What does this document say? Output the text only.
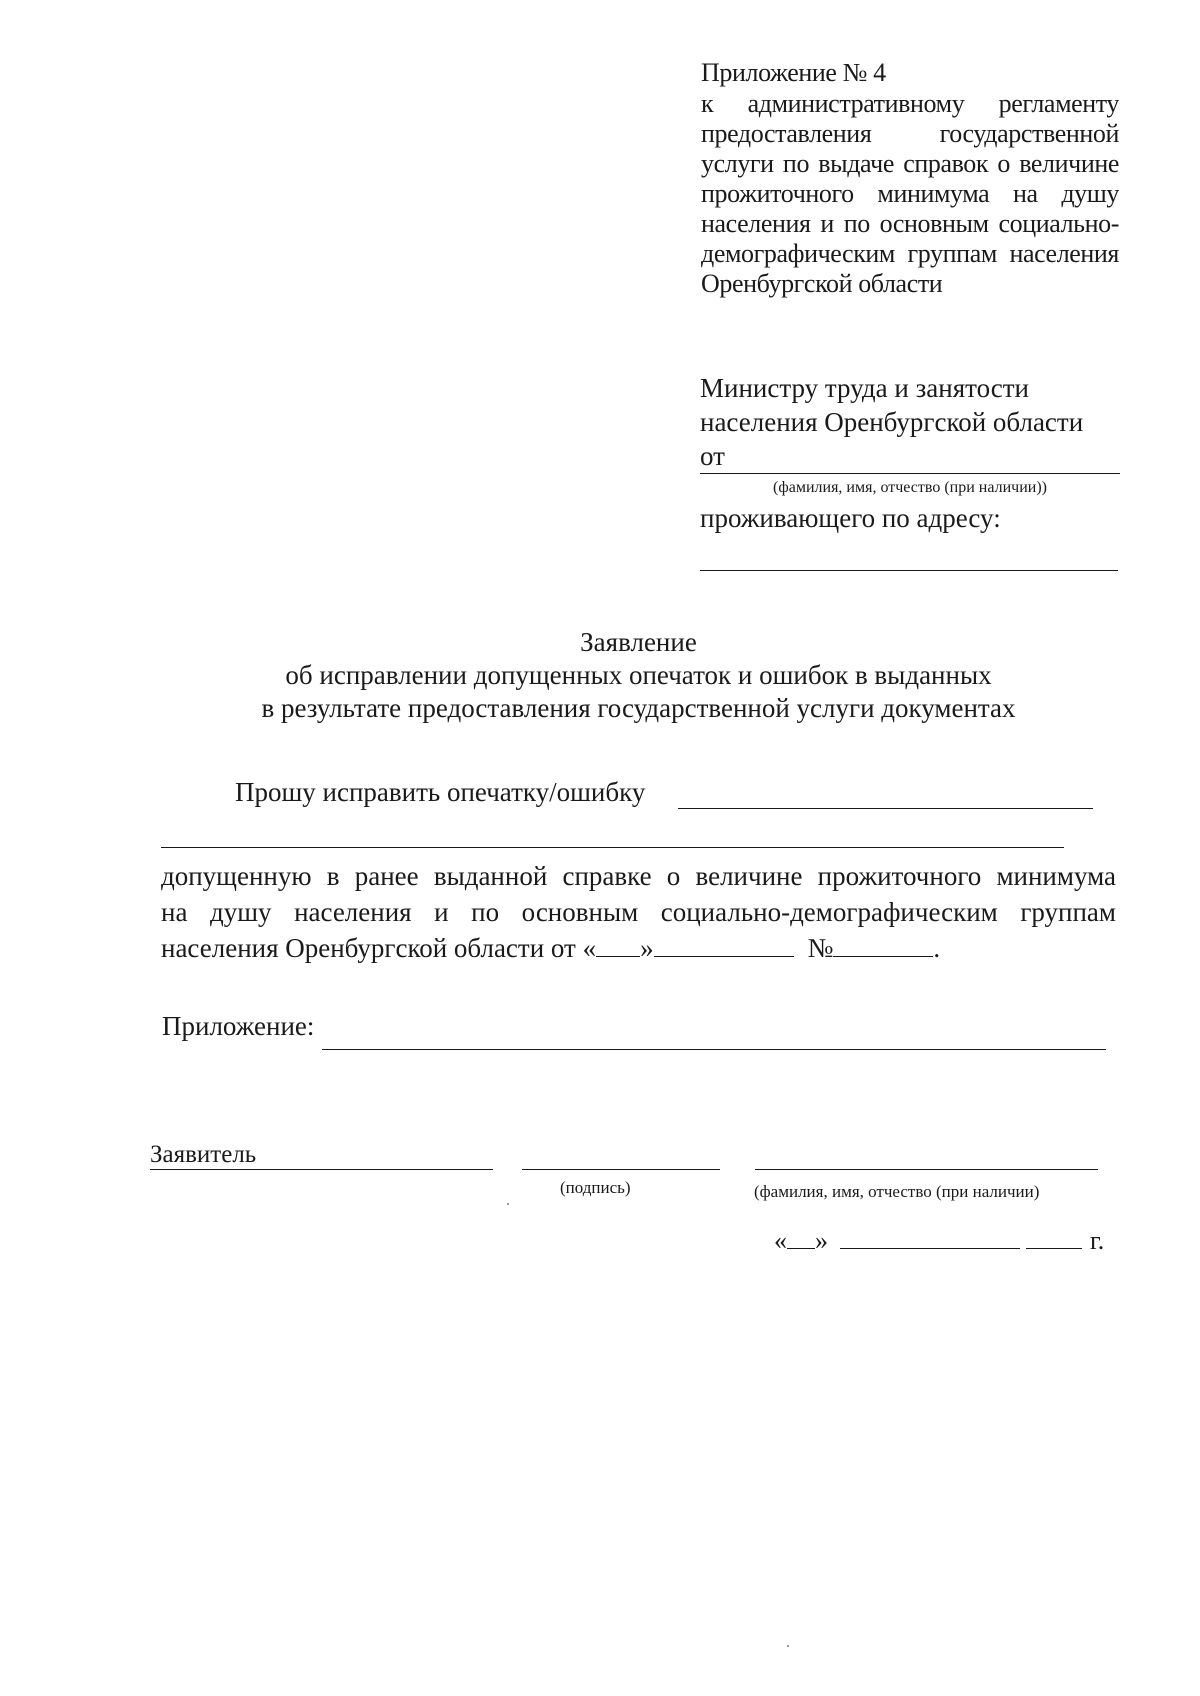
Приложение № 4
к административному регламенту
предоставления государственной
услуги по выдаче справок о величине
прожиточного минимума на душу
населения и по основным социально-
демографическим группам населения
Оренбургской области
Министру труда и занятости
населения Оренбургской области
от
(фамилия, имя, отчество (при наличии))
проживающего по адресу:
Заявление
об исправлении допущенных опечаток и ошибок в выданных
в результате предоставления государственной услуги документах
Прошу исправить опечатку/ошибку
допущенную в ранее выданной справке о величине прожиточного минимума
на душу населения и по основным социально-демографическим группам
населения Оренбургской области от « »	№	.
Приложение:
Заявитель
(подпись)	(фамилия, имя, отчество (при наличии)
« »	г.
